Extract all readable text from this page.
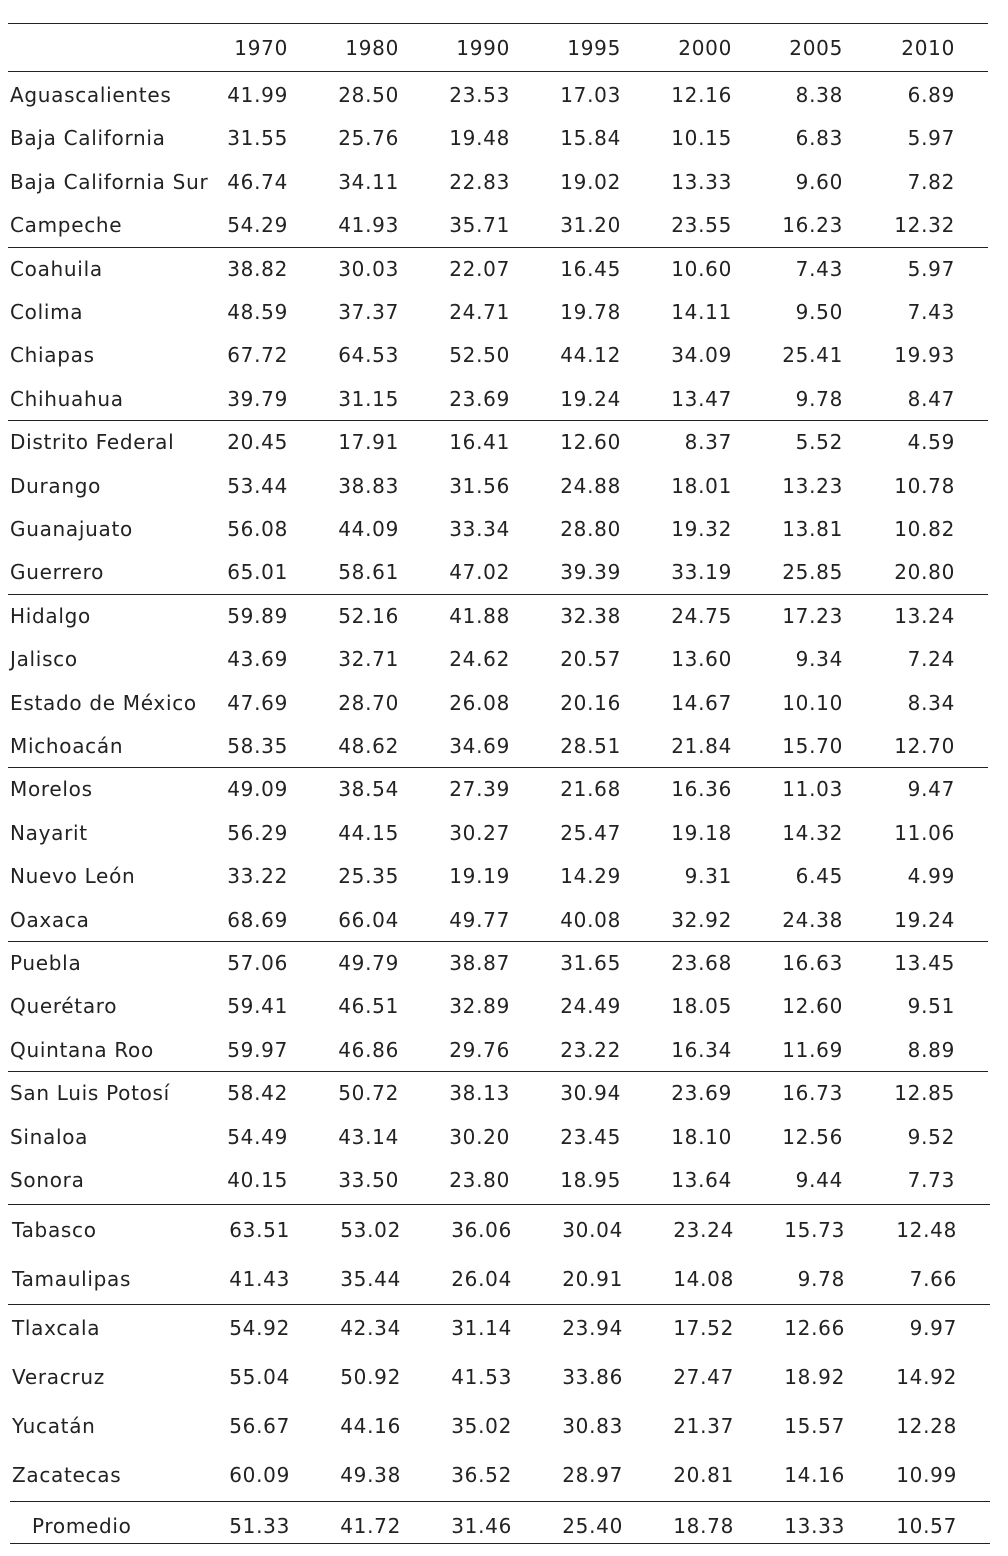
1970	1980	1990	1995	2000	2005	2010
Aguascalientes	41.99	28.50	23.53	17.03	12.16	8.38	6.89
Baja California	31.55	25.76	19.48	15.84	10.15	6.83	5.97
Baja California Sur 46.74	34.11	22.83	19.02	13.33	9.60	7.82
Campeche	54.29	41.93	35.71	31.20	23.55	16.23	12.32
Coahuila	38.82	30.03	22.07	16.45	10.60	7.43	5.97
Colima	48.59	37.37	24.71	19.78	14.11	9.50	7.43
Chiapas	67.72	64.53	52.50	44.12	34.09	25.41	19.93
Chihuahua	39.79	31.15	23.69	19.24	13.47	9.78	8.47
Distrito Federal	20.45	17.91	16.41	12.60	8.37	5.52	4.59
Durango	53.44	38.83	31.56	24.88	18.01	13.23	10.78
Guanajuato	56.08	44.09	33.34	28.80	19.32	13.81	10.82
Guerrero	65.01	58.61	47.02	39.39	33.19	25.85	20.80
Hidalgo	59.89	52.16	41.88	32.38	24.75	17.23	13.24
Jalisco	43.69	32.71	24.62	20.57	13.60	9.34	7.24
Estado de México	47.69	28.70	26.08	20.16	14.67	10.10	8.34
Michoacán	58.35	48.62	34.69	28.51	21.84	15.70	12.70
Morelos	49.09	38.54	27.39	21.68	16.36	11.03	9.47
Nayarit	56.29	44.15	30.27	25.47	19.18	14.32	11.06
Nuevo León	33.22	25.35	19.19	14.29	9.31	6.45	4.99
Oaxaca	68.69	66.04	49.77	40.08	32.92	24.38	19.24
Puebla	57.06	49.79	38.87	31.65	23.68	16.63	13.45
Querétaro	59.41	46.51	32.89	24.49	18.05	12.60	9.51
Quintana Roo	59.97	46.86	29.76	23.22	16.34	11.69	8.89
San Luis Potosí	58.42	50.72	38.13	30.94	23.69	16.73	12.85
Sinaloa	54.49	43.14	30.20	23.45	18.10	12.56	9.52
Sonora	40.15	33.50	23.80	18.95	13.64	9.44	7.73
Tabasco	63.51	53.02	36.06	30.04	23.24	15.73	12.48
Tamaulipas	41.43	35.44	26.04	20.91	14.08	9.78	7.66
Tlaxcala	54.92	42.34	31.14	23.94	17.52	12.66	9.97
Veracruz	55.04	50.92	41.53	33.86	27.47	18.92	14.92
Yucatán	56.67	44.16	35.02	30.83	21.37	15.57	12.28
Zacatecas	60.09	49.38	36.52	28.97	20.81	14.16	10.99
Promedio	51.33	41.72	31.46	25.40	18.78	13.33	10.57
